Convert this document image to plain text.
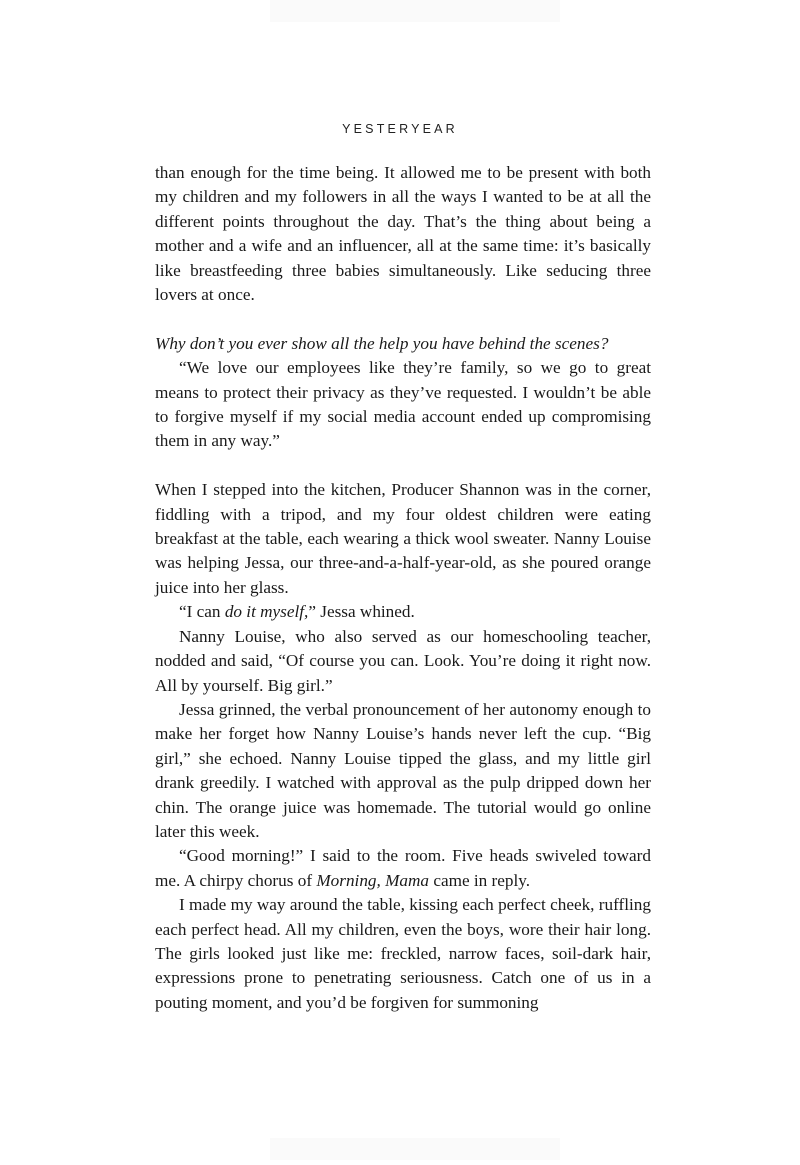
YESTERYEAR

than enough for the time being. It allowed me to be present with both my children and my followers in all the ways I wanted to be at all the different points throughout the day. That’s the thing about being a mother and a wife and an influencer, all at the same time: it’s basically like breastfeeding three babies simultaneously. Like seducing three lovers at once.

Why don’t you ever show all the help you have behind the scenes?

“We love our employees like they’re family, so we go to great means to protect their privacy as they’ve requested. I wouldn’t be able to forgive myself if my social media account ended up compromising them in any way.”

When I stepped into the kitchen, Producer Shannon was in the corner, fiddling with a tripod, and my four oldest children were eating breakfast at the table, each wearing a thick wool sweater. Nanny Louise was helping Jessa, our three-and-a-half-year-old, as she poured orange juice into her glass.

“I can do it myself,” Jessa whined.

Nanny Louise, who also served as our homeschooling teacher, nodded and said, “Of course you can. Look. You’re doing it right now. All by yourself. Big girl.”

Jessa grinned, the verbal pronouncement of her autonomy enough to make her forget how Nanny Louise’s hands never left the cup. “Big girl,” she echoed. Nanny Louise tipped the glass, and my little girl drank greedily. I watched with approval as the pulp dripped down her chin. The orange juice was homemade. The tutorial would go online later this week.

“Good morning!” I said to the room. Five heads swiveled toward me. A chirpy chorus of Morning, Mama came in reply.

I made my way around the table, kissing each perfect cheek, ruffling each perfect head. All my children, even the boys, wore their hair long. The girls looked just like me: freckled, narrow faces, soil-dark hair, expressions prone to penetrating seriousness. Catch one of us in a pouting moment, and you’d be forgiven for summoning
